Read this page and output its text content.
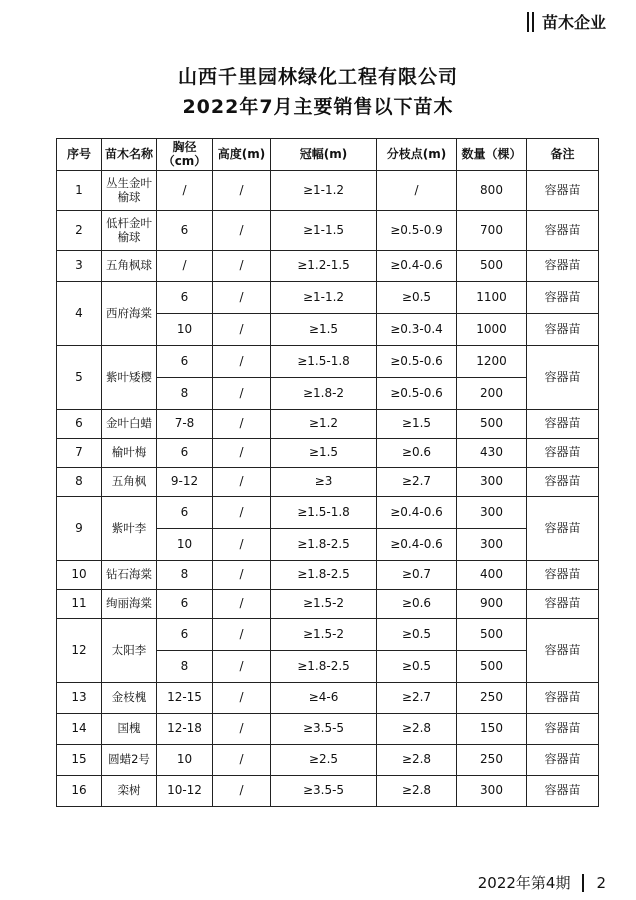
苗木企业
山西千里园林绿化工程有限公司
2022年7月主要销售以下苗木
序号	苗木名称	胸径（cm）	高度(m)	冠幅(m)	分枝点(m)	数量（棵）	备注
1	丛生金叶榆球	/	/	≥1-1.2	/	800	容器苗
2	低杆金叶榆球	6	/	≥1-1.5	≥0.5-0.9	700	容器苗
3	五角枫球	/	/	≥1.2-1.5	≥0.4-0.6	500	容器苗
4	西府海棠	6	/	≥1-1.2	≥0.5	1100	容器苗
		10	/	≥1.5	≥0.3-0.4	1000	容器苗
5	紫叶矮樱	6	/	≥1.5-1.8	≥0.5-0.6	1200	容器苗
		8	/	≥1.8-2	≥0.5-0.6	200	
6	金叶白蜡	7-8	/	≥1.2	≥1.5	500	容器苗
7	榆叶梅	6	/	≥1.5	≥0.6	430	容器苗
8	五角枫	9-12	/	≥3	≥2.7	300	容器苗
9	紫叶李	6	/	≥1.5-1.8	≥0.4-0.6	300	容器苗
		10	/	≥1.8-2.5	≥0.4-0.6	300	
10	钻石海棠	8	/	≥1.8-2.5	≥0.7	400	容器苗
11	绚丽海棠	6	/	≥1.5-2	≥0.6	900	容器苗
12	太阳李	6	/	≥1.5-2	≥0.5	500	容器苗
		8	/	≥1.8-2.5	≥0.5	500	
13	金枝槐	12-15	/	≥4-6	≥2.7	250	容器苗
14	国槐	12-18	/	≥3.5-5	≥2.8	150	容器苗
15	圆蜡2号	10	/	≥2.5	≥2.8	250	容器苗
16	栾树	10-12	/	≥3.5-5	≥2.8	300	容器苗
2022年第4期 2
